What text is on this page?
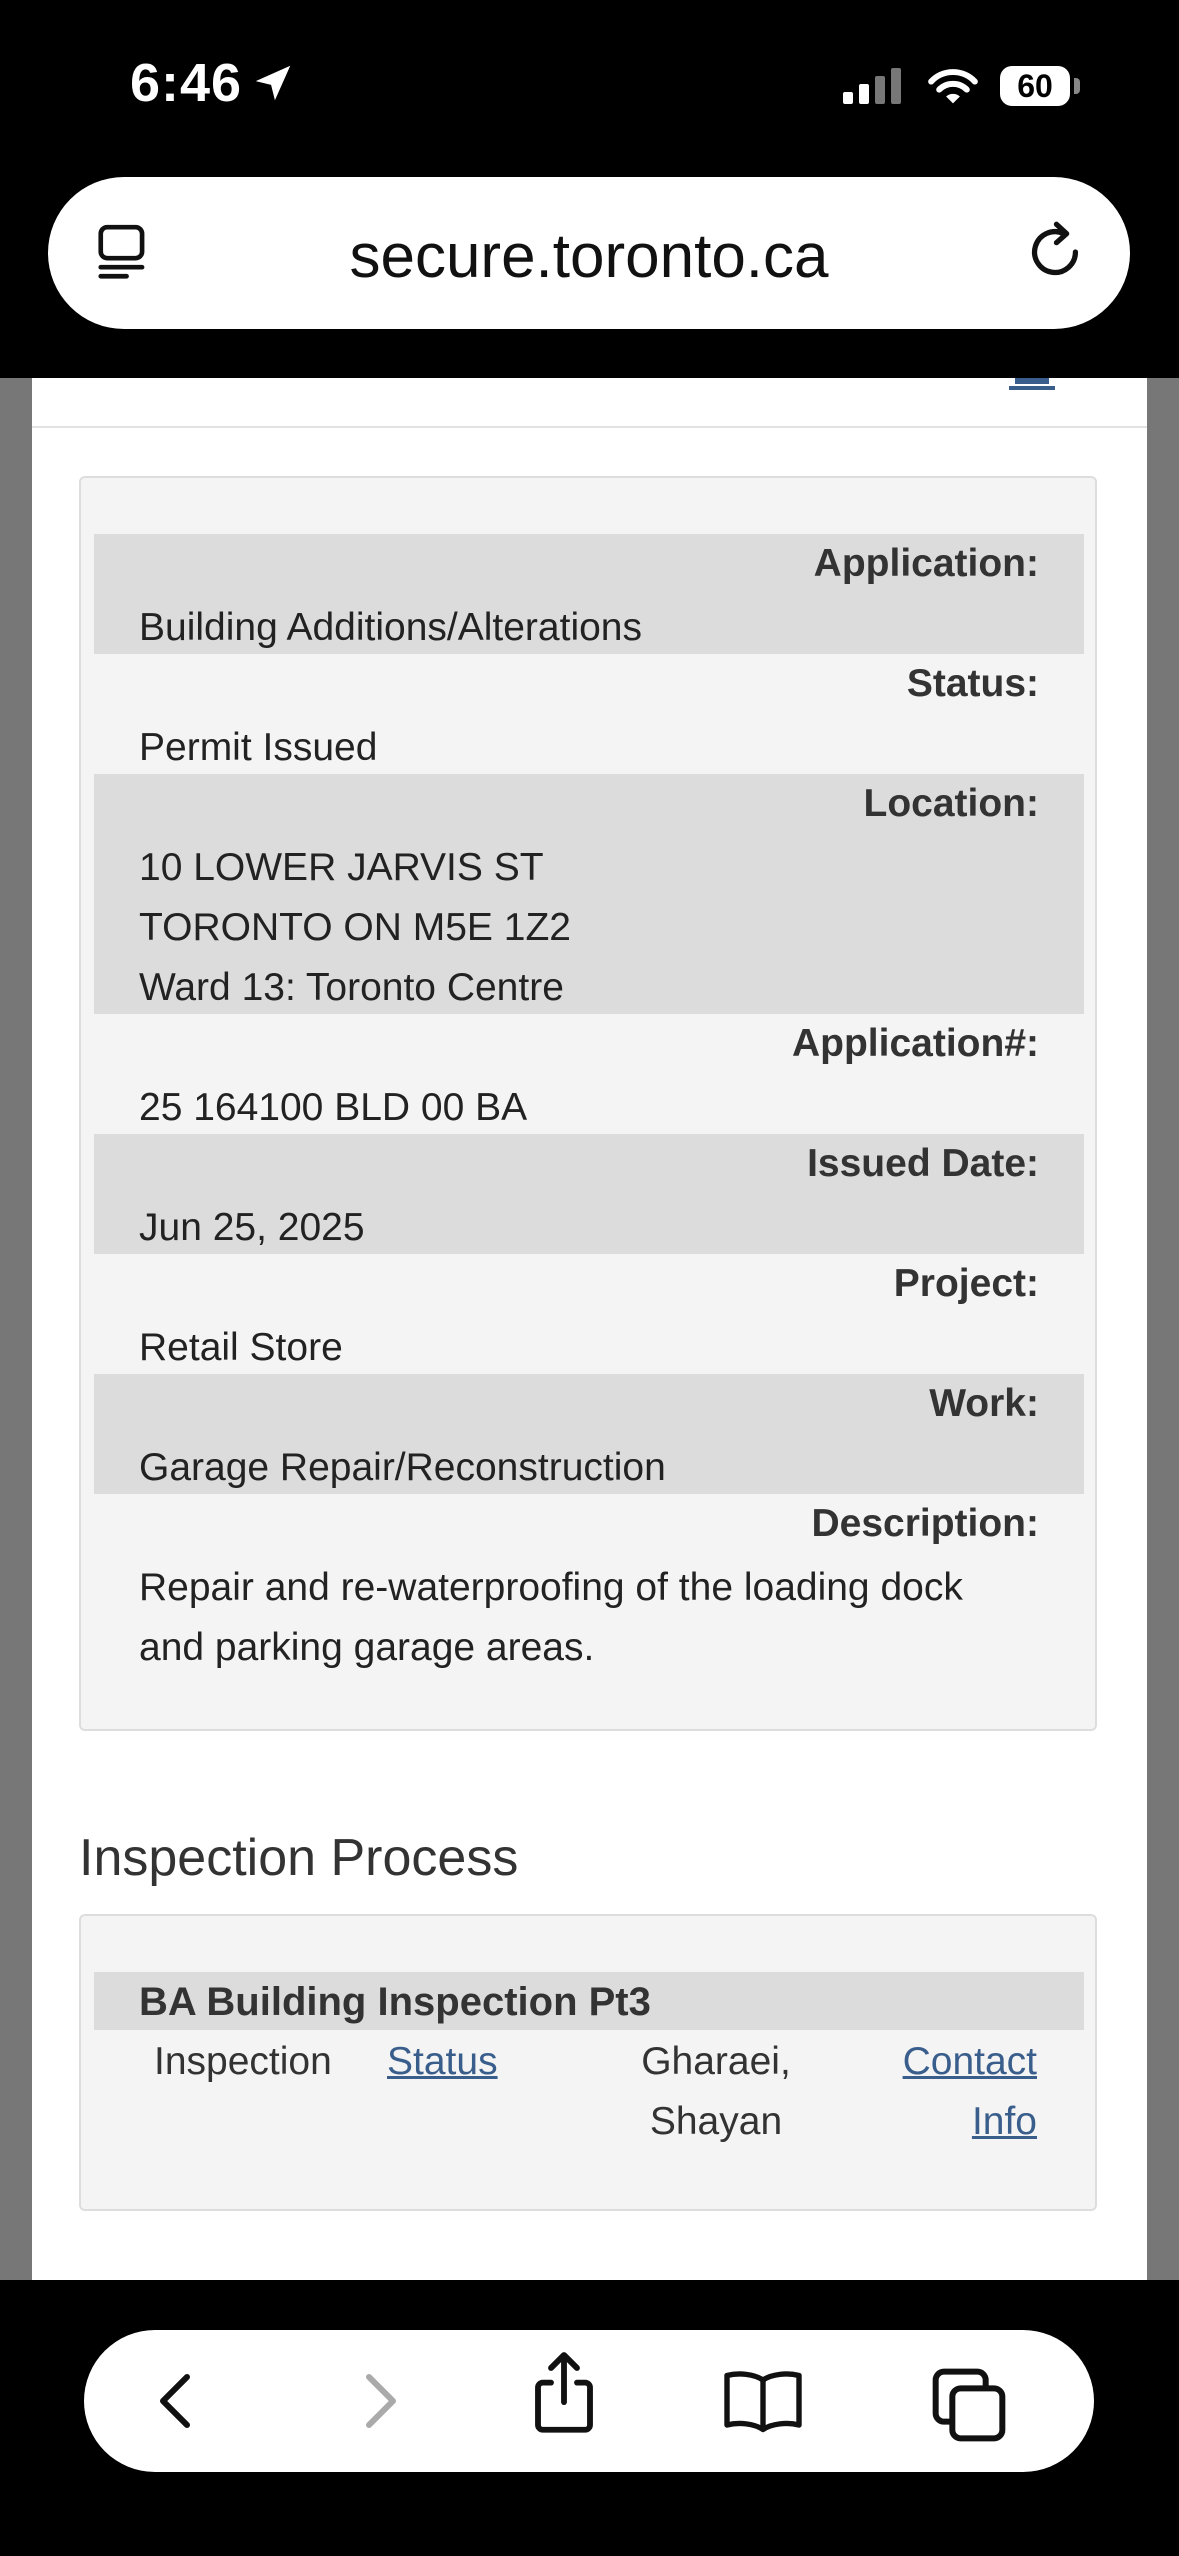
6:46	60
secure.toronto.ca
Application:
Building Additions/Alterations
Status:
Permit Issued
Location:
10 LOWER JARVIS ST
TORONTO ON M5E 1Z2
Ward 13: Toronto Centre
Application#:
25 164100 BLD 00 BA
Issued Date:
Jun 25, 2025
Project:
Retail Store
Work:
Garage Repair/Reconstruction
Description:
Repair and re-waterproofing of the loading dock
and parking garage areas.
Inspection Process
BA Building Inspection Pt3
Inspection Status	Gharaei,
Shayan
Contact
Info
